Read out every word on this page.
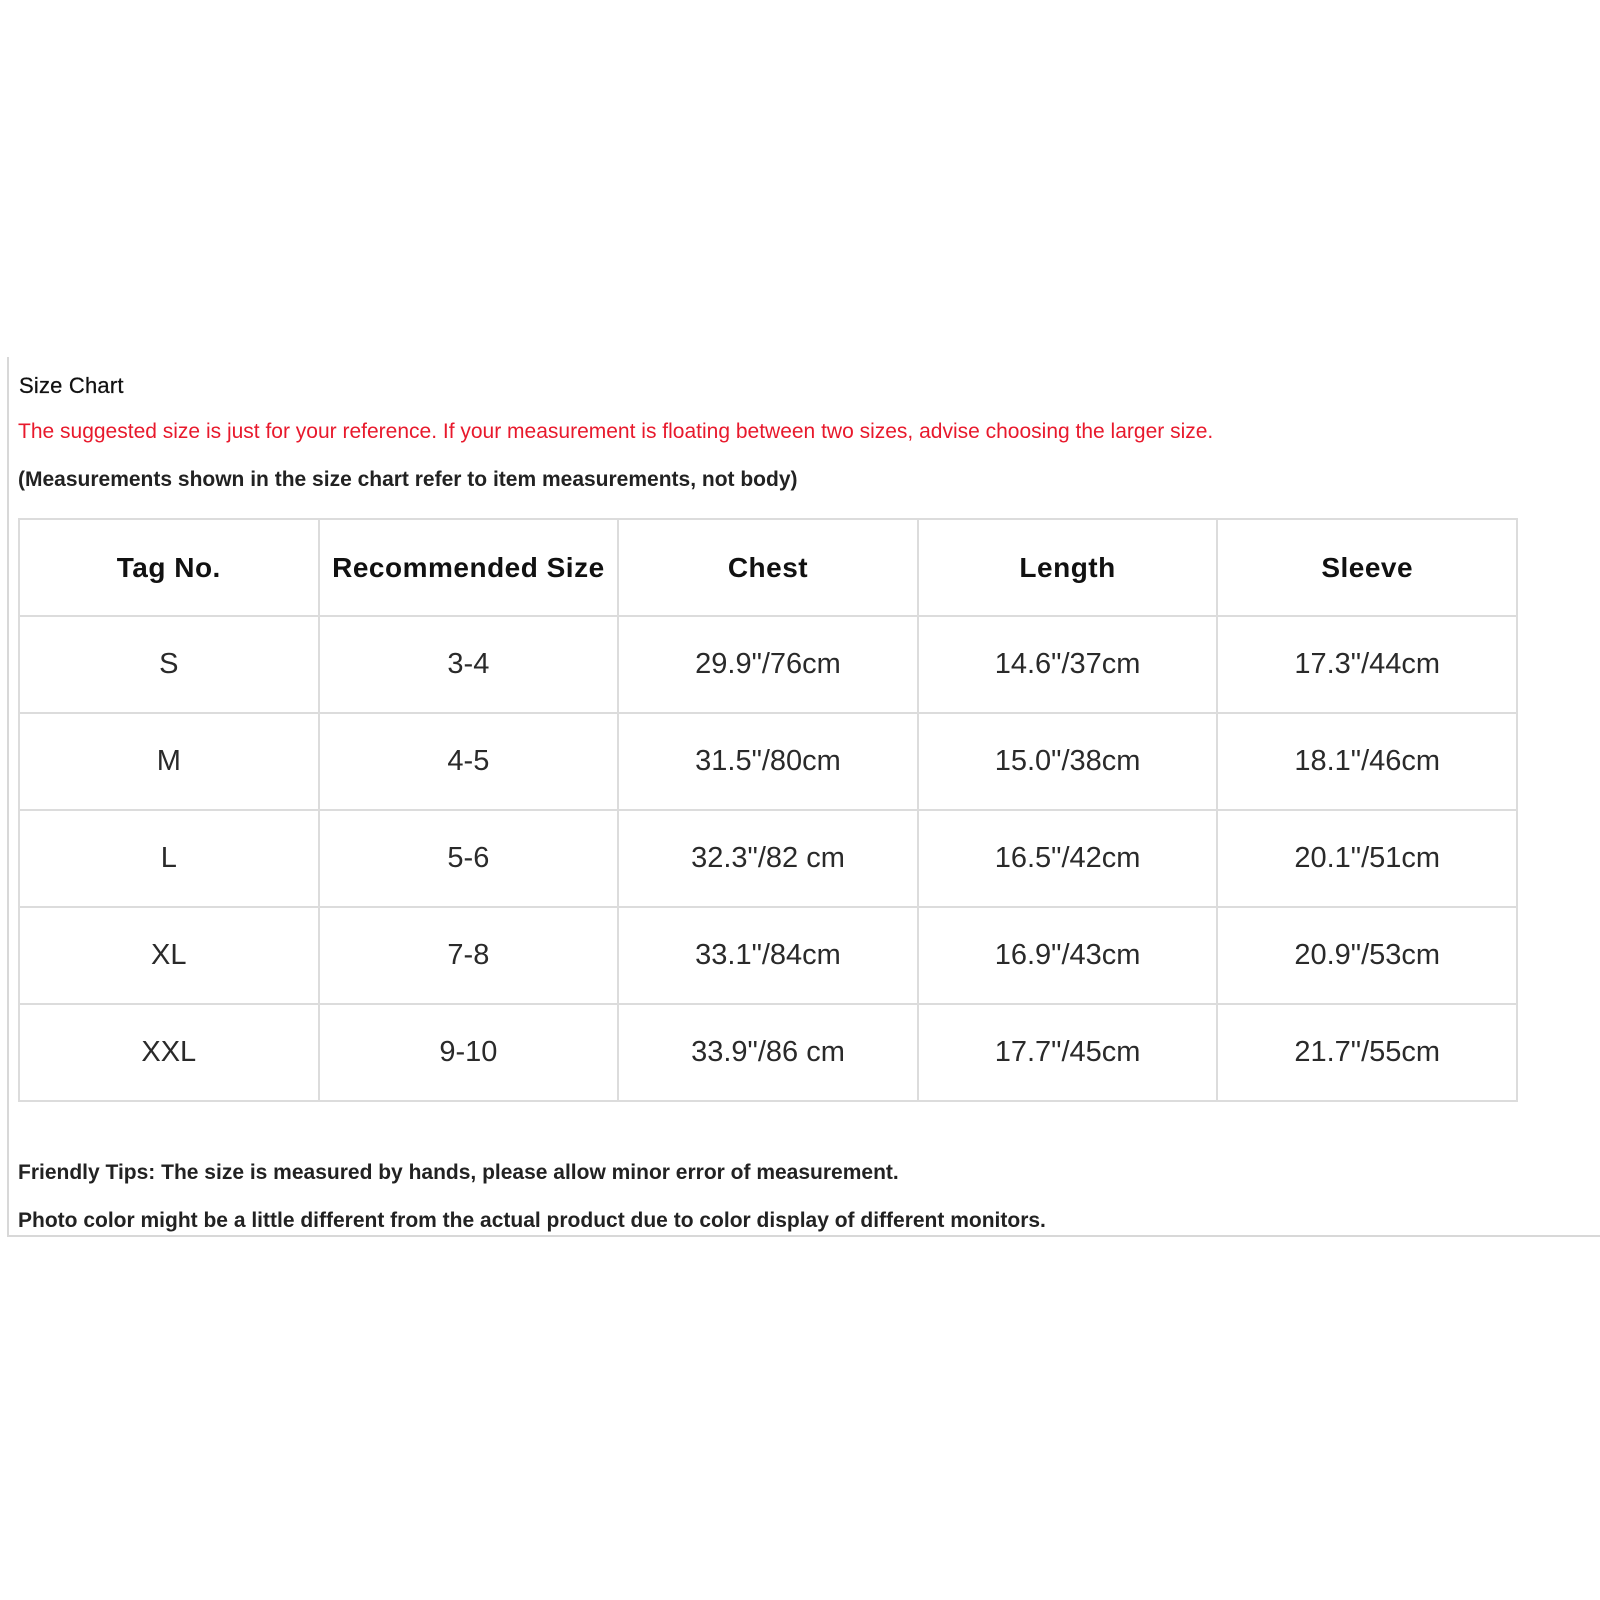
Size Chart
The suggested size is just for your reference. If your measurement is floating between two sizes, advise choosing the larger size.
(Measurements shown in the size chart refer to item measurements, not body)
Tag No.	Recommended Size	Chest	Length	Sleeve
S	3-4	29.9"/76cm	14.6"/37cm	17.3"/44cm
M	4-5	31.5"/80cm	15.0"/38cm	18.1"/46cm
L	5-6	32.3"/82 cm	16.5"/42cm	20.1"/51cm
XL	7-8	33.1"/84cm	16.9"/43cm	20.9"/53cm
XXL	9-10	33.9"/86 cm	17.7"/45cm	21.7"/55cm
Friendly Tips: The size is measured by hands, please allow minor error of measurement.
Photo color might be a little different from the actual product due to color display of different monitors.
